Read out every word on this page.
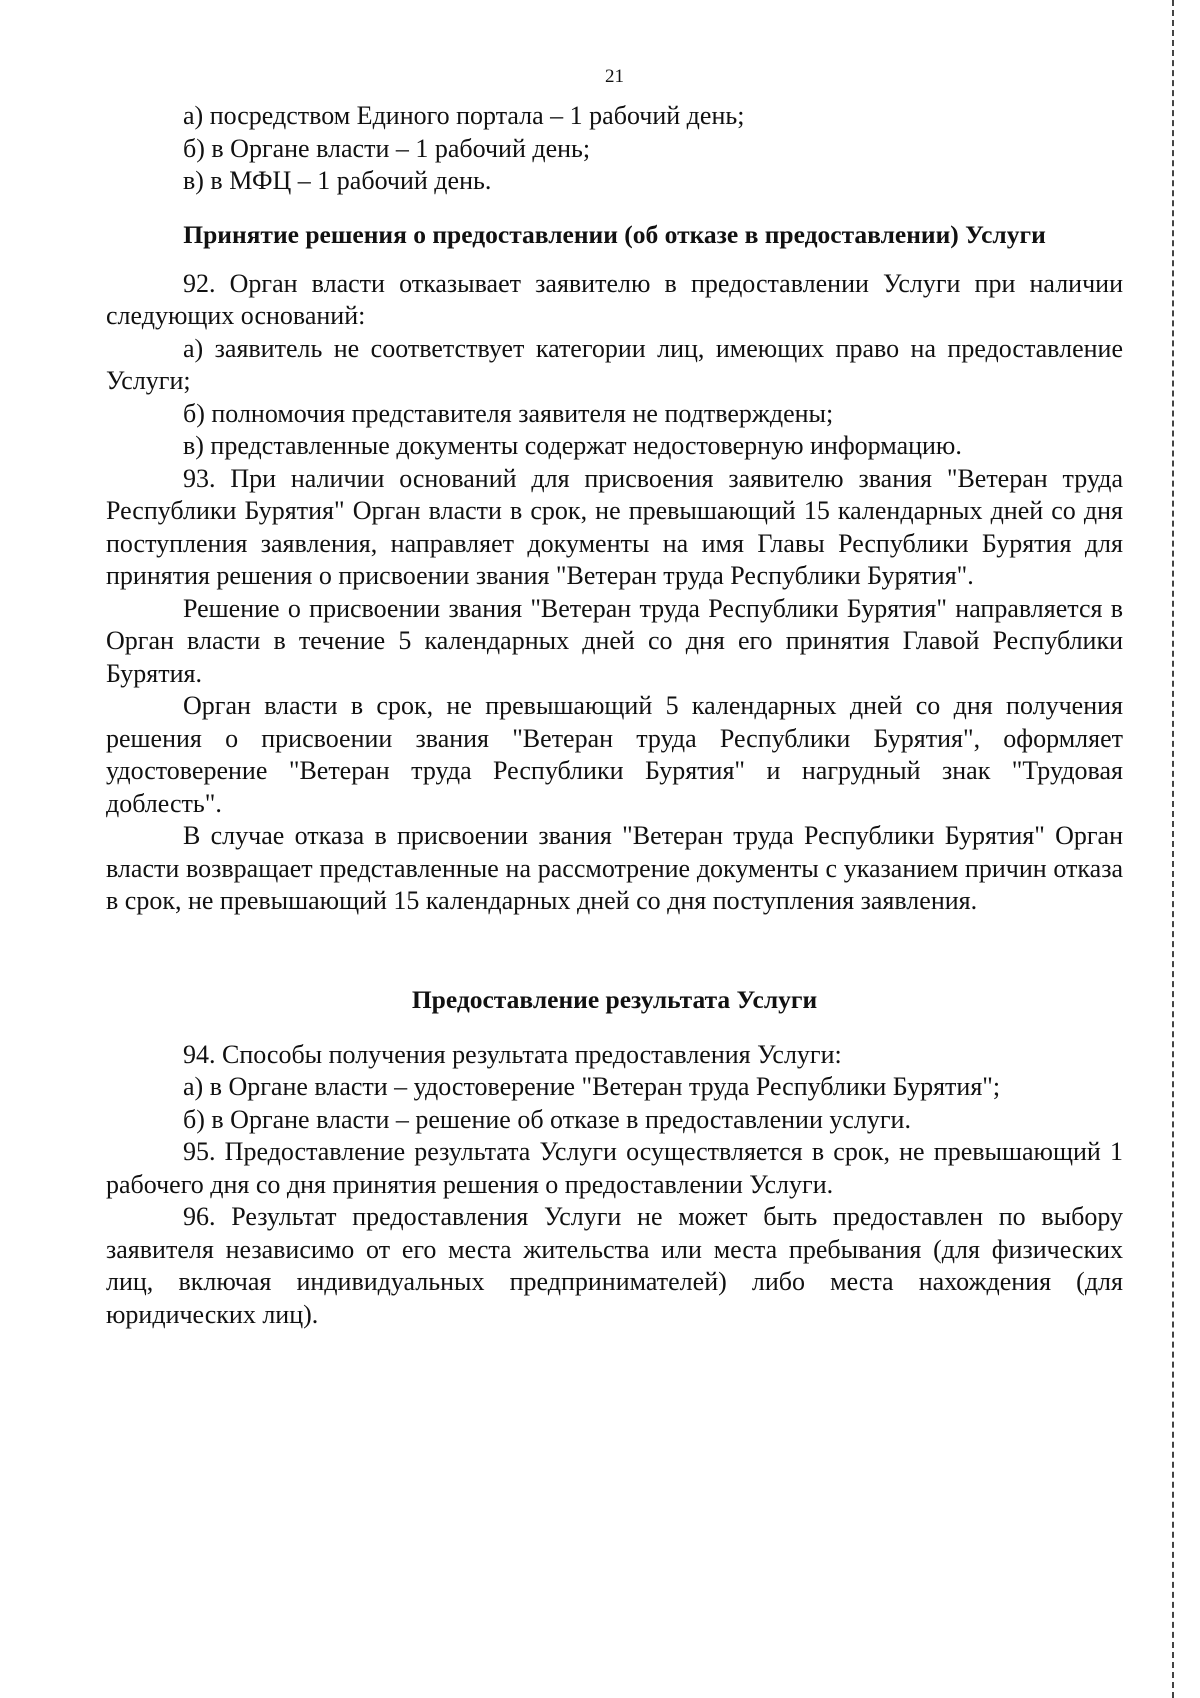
21

а) посредством Единого портала – 1 рабочий день;

б) в Органе власти – 1 рабочий день;

в) в МФЦ – 1 рабочий день.

Принятие решения о предоставлении (об отказе в предоставлении) Услуги

92. Орган власти отказывает заявителю в предоставлении Услуги при наличии следующих оснований:

а) заявитель не соответствует категории лиц, имеющих право на предоставление Услуги;

б) полномочия представителя заявителя не подтверждены;

в) представленные документы содержат недостоверную информацию.

93. При наличии оснований для присвоения заявителю звания "Ветеран труда Республики Бурятия" Орган власти в срок, не превышающий 15 календарных дней со дня поступления заявления, направляет документы на имя Главы Республики Бурятия для принятия решения о присвоении звания "Ветеран труда Республики Бурятия".

Решение о присвоении звания "Ветеран труда Республики Бурятия" направляется в Орган власти в течение 5 календарных дней со дня его принятия Главой Республики Бурятия.

Орган власти в срок, не превышающий 5 календарных дней со дня получения решения о присвоении звания "Ветеран труда Республики Бурятия", оформляет удостоверение "Ветеран труда Республики Бурятия" и нагрудный знак "Трудовая доблесть".

В случае отказа в присвоении звания "Ветеран труда Республики Бурятия" Орган власти возвращает представленные на рассмотрение документы с указанием причин отказа в срок, не превышающий 15 календарных дней со дня поступления заявления.

Предоставление результата Услуги

94. Способы получения результата предоставления Услуги:

а) в Органе власти – удостоверение "Ветеран труда Республики Бурятия";

б) в Органе власти – решение об отказе в предоставлении услуги.

95. Предоставление результата Услуги осуществляется в срок, не превышающий 1 рабочего дня со дня принятия решения о предоставлении Услуги.

96. Результат предоставления Услуги не может быть предоставлен по выбору заявителя независимо от его места жительства или места пребывания (для физических лиц, включая индивидуальных предпринимателей) либо места нахождения (для юридических лиц).
